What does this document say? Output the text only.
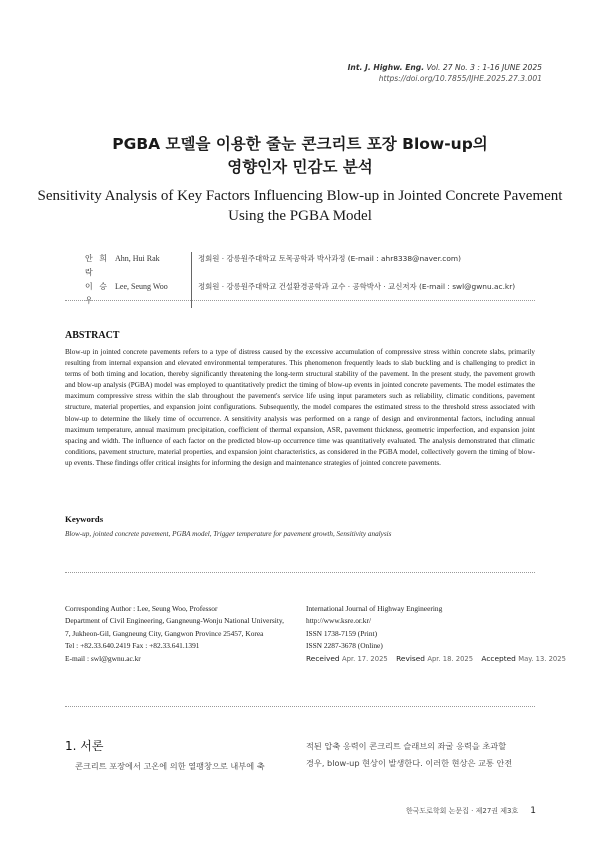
Int. J. Highw. Eng. Vol. 27 No. 3 : 1-16 JUNE 2025
https://doi.org/10.7855/IJHE.2025.27.3.001
PGBA 모델을 이용한 줄눈 콘크리트 포장 Blow-up의
영향인자 민감도 분석
Sensitivity Analysis of Key Factors Influencing Blow-up in Jointed Concrete Pavement
Using the PGBA Model
안 희 락
Ahn, Hui Rak	정회원 · 강릉원주대학교 토목공학과 박사과정 (E-mail : ahr8338@naver.com)
이 승 우
Lee, Seung Woo	정회원 · 강릉원주대학교 건설환경공학과 교수 · 공학박사 · 교신저자 (E-mail : swl@gwnu.ac.kr)
ABSTRACT
Blow-up in jointed concrete pavements refers to a type of distress caused by the excessive accumulation of compressive stress within concrete slabs, primarily resulting from internal expansion and elevated environmental temperatures. This phenomenon frequently leads to slab buckling and is challenging to predict in terms of both timing and location, thereby significantly threatening the long-term structural stability of the pavement. In the present study, the pavement growth and blow-up analysis (PGBA) model was employed to quantitatively predict the timing of blow-up events in jointed concrete pavements. The model estimates the maximum compressive stress within the slab throughout the pavement's service life using input parameters such as reliability, climatic conditions, pavement structure, material properties, and expansion joint configurations. Subsequently, the model compares the estimated stress to the threshold stress associated with blow-up to determine the likely time of occurrence. A sensitivity analysis was performed on a range of design and environmental factors, including annual maximum temperature, annual maximum precipitation, coefficient of thermal expansion, ASR, pavement thickness, geometric imperfection, and expansion joint spacing and width. The influence of each factor on the predicted blow-up occurrence time was quantitatively evaluated. The analysis demonstrated that climatic conditions, pavement structure, material properties, and expansion joint characteristics, as considered in the PGBA model, collectively govern the timing of blow-up events. These findings offer critical insights for informing the design and maintenance strategies of jointed concrete pavements.
Keywords
Blow-up, jointed concrete pavement, PGBA model, Trigger temperature for pavement growth, Sensitivity analysis
Corresponding Author : Lee, Seung Woo, Professor
Department of Civil Engineering, Gangneung-Wonju National University,
7, Jukheon-Gil, Gangneung City, Gangwon Province 25457, Korea
Tel : +82.33.640.2419 Fax : +82.33.641.1391
E-mail : swl@gwnu.ac.kr
International Journal of Highway Engineering
http://www.ksre.or.kr/
ISSN 1738-7159 (Print)
ISSN 2287-3678 (Online)
Received Apr. 17. 2025 Revised Apr. 18. 2025 Accepted May. 13. 2025
1. 서론
콘크리트 포장에서 고온에 의한 열팽창으로 내부에 축
적된 압축 응력이 콘크리트 슬래브의 좌굴 응력을 초과할
경우, blow-up 현상이 발생한다. 이러한 현상은 교통 안전
한국도로학회 논문집 · 제27권 제3호 1
